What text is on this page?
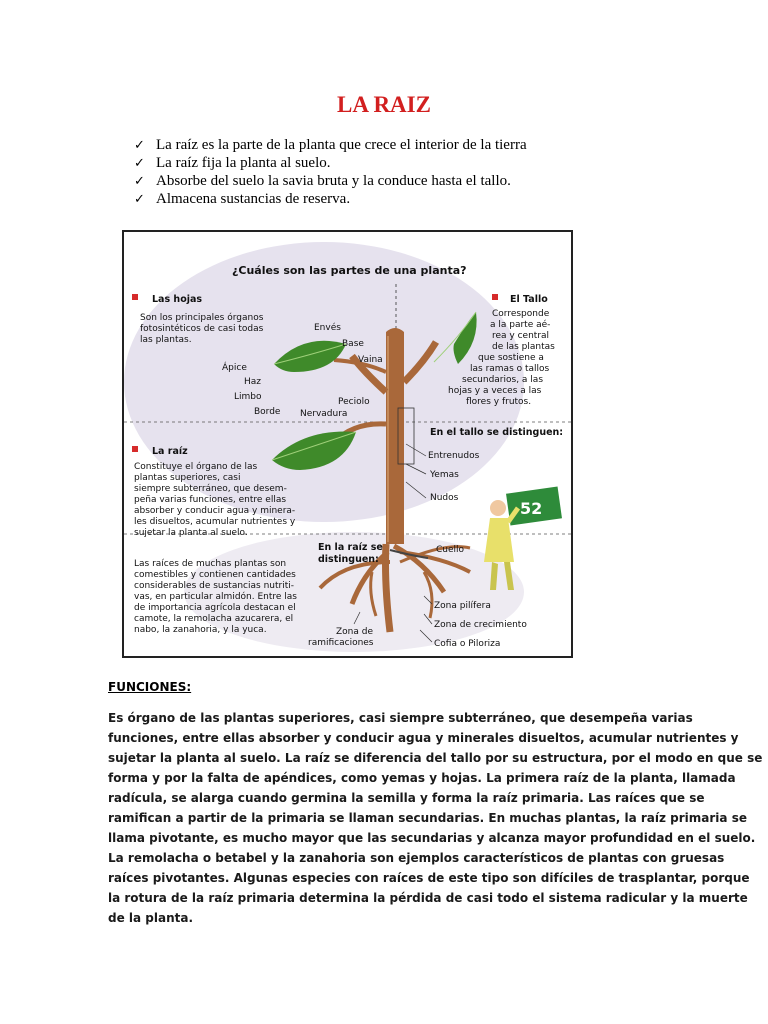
LA RAIZ
✓ La raíz es la parte de la planta que crece el interior de la tierra
✓ La raíz fija la planta al suelo.
✓ Absorbe del suelo la savia bruta y la conduce hasta el tallo.
✓ Almacena sustancias de reserva.
¿Cuáles son las partes de una planta?
Las hojas
Son los principales órganos
fotosintéticos de casi todas
las plantas.
El Tallo
Corresponde
a la parte aé-
rea y central
de las plantas
que sostiene a
las ramas o tallos
secundarios, a las
hojas y a veces a las
flores y frutos.
La raíz
Constituye el órgano de las
plantas superiores, casi
siempre subterráneo, que desem-
peña varias funciones, entre ellas
absorber y conducir agua y minera-
les disueltos, acumular nutrientes y
sujetar la planta al suelo.
Las raíces de muchas plantas son
comestibles y contienen cantidades
considerables de sustancias nutriti-
vas, en particular almidón. Entre las
de importancia agrícola destacan el
camote, la remolacha azucarera, el
nabo, la zanahoria, y la yuca.
Envés
Base
Vaina
Ápice
Haz
Limbo
Borde Nervadura
Peciolo
En el tallo se distinguen:
Entrenudos
Yemas
Nudos
En la raíz se
distinguen:
Cuello
Zona pilífera
Zona de crecimiento
Cofia o Piloriza
Zona de
ramificaciones
52
FUNCIONES:
Es órgano de las plantas superiores, casi siempre subterráneo, que desempeña varias
funciones, entre ellas absorber y conducir agua y minerales disueltos, acumular nutrientes y
sujetar la planta al suelo. La raíz se diferencia del tallo por su estructura, por el modo en que se
forma y por la falta de apéndices, como yemas y hojas. La primera raíz de la planta, llamada
radícula, se alarga cuando germina la semilla y forma la raíz primaria. Las raíces que se
ramifican a partir de la primaria se llaman secundarias. En muchas plantas, la raíz primaria se
llama pivotante, es mucho mayor que las secundarias y alcanza mayor profundidad en el suelo.
La remolacha o betabel y la zanahoria son ejemplos característicos de plantas con gruesas
raíces pivotantes. Algunas especies con raíces de este tipo son difíciles de trasplantar, porque
la rotura de la raíz primaria determina la pérdida de casi todo el sistema radicular y la muerte
de la planta.
